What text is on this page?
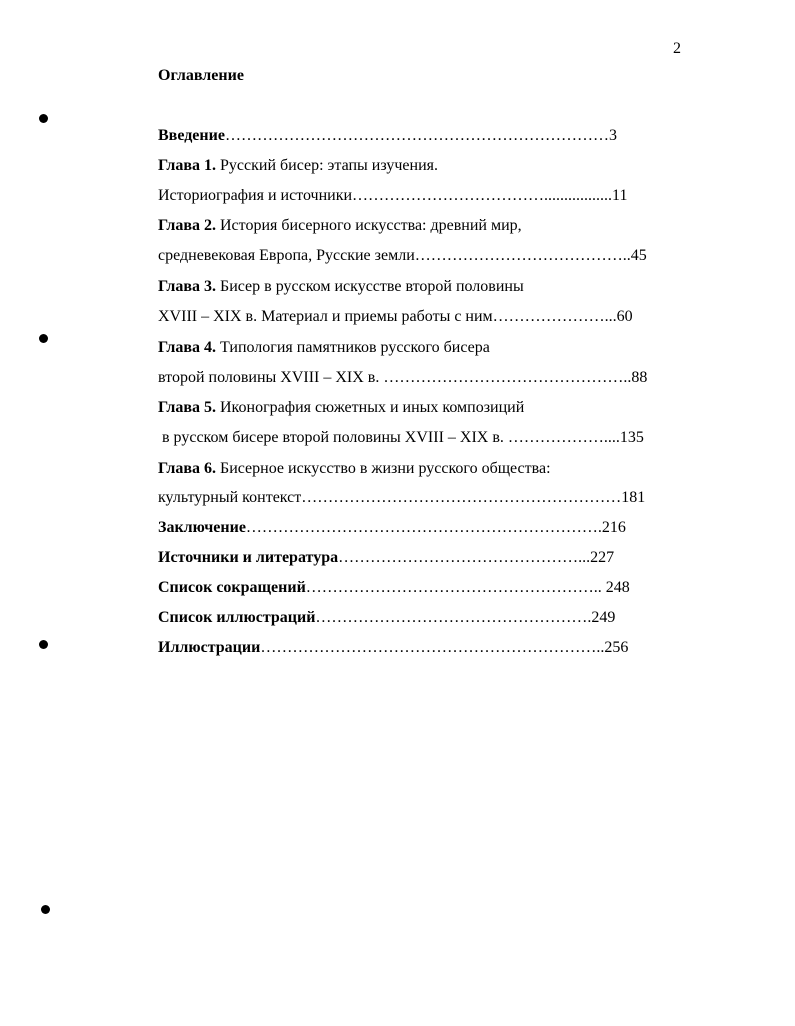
2
Оглавление
Введение………………………………………………………………3
Глава 1. Русский бисер: этапы изучения.
Историография и источники……………………………….................11
Глава 2. История бисерного искусства: древний мир,
средневековая Европа, Русские земли…………………………………..45
Глава 3. Бисер в русском искусстве второй половины
XVIII – XIX в. Материал и приемы работы с ним…………………...60
Глава 4. Типология памятников русского бисера
второй половины XVIII – XIX в. ………………………………………..88
Глава 5. Иконография сюжетных и иных композиций
в русском бисере второй половины XVIII – XIX в. ………………....135
Глава 6. Бисерное искусство в жизни русского общества:
культурный контекст……………………………………………………181
Заключение………………………………………………………….216
Источники и литература………………………………………...227
Список сокращений……………………………………………….. 248
Список иллюстраций…………………………………………….249
Иллюстрации………………………………………………………..256
